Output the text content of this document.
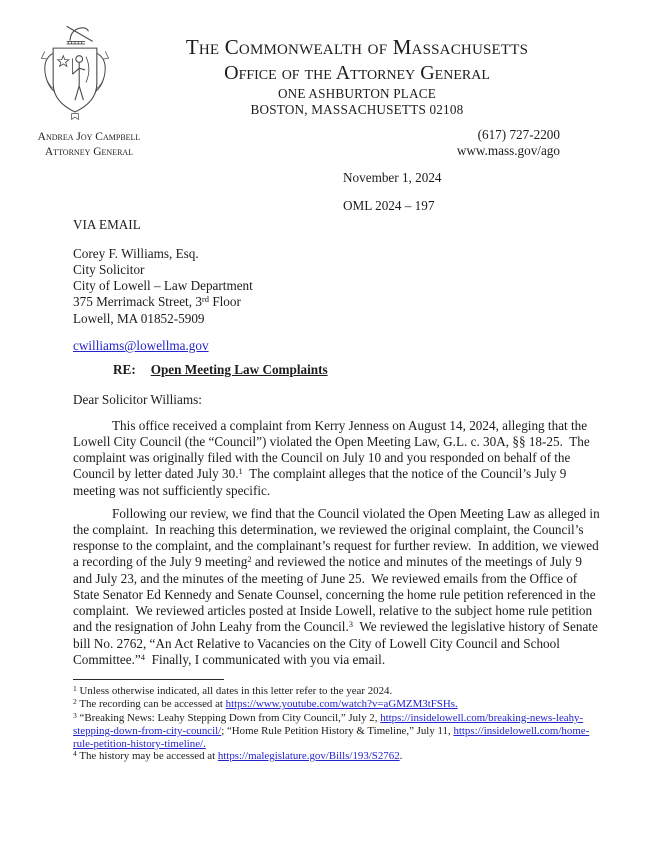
Andrea Joy Campbell
Attorney General
The Commonwealth of Massachusetts
Office of the Attorney General
ONE ASHBURTON PLACE
BOSTON, MASSACHUSETTS 02108
(617) 727-2200
www.mass.gov/ago
November 1, 2024
OML 2024 – 197
VIA EMAIL
Corey F. Williams, Esq.
City Solicitor
City of Lowell – Law Department
375 Merrimack Street, 3rd Floor
Lowell, MA 01852-5909
cwilliams@lowellma.gov
RE: Open Meeting Law Complaints
Dear Solicitor Williams:

This office received a complaint from Kerry Jenness on August 14, 2024, alleging that the Lowell City Council (the “Council”) violated the Open Meeting Law, G.L. c. 30A, §§ 18-25.  The complaint was originally filed with the Council on July 10 and you responded on behalf of the Council by letter dated July 30.$^1$  The complaint alleges that the notice of the Council’s July 9 meeting was not sufficiently specific.

Following our review, we find that the Council violated the Open Meeting Law as alleged in the complaint.  In reaching this determination, we reviewed the original complaint, the Council’s response to the complaint, and the complainant’s request for further review.  In addition, we viewed a recording of the July 9 meeting$^2$ and reviewed the notice and minutes of the meetings of July 9 and July 23, and the minutes of the meeting of June 25.  We reviewed emails from the Office of State Senator Ed Kennedy and Senate Counsel, concerning the home rule petition referenced in the complaint.  We reviewed articles posted at Inside Lowell, relative to the subject home rule petition and the resignation of John Leahy from the Council.$^3$  We reviewed the legislative history of Senate bill No. 2762, “An Act Relative to Vacancies on the City of Lowell City Council and School Committee.”$^4$  Finally, I communicated with you via email.

$^1$ Unless otherwise indicated, all dates in this letter refer to the year 2024.

$^2$ The recording can be accessed at https://www.youtube.com/watch?v=aGMZM3tFSHs.

$^3$ “Breaking News: Leahy Stepping Down from City Council,” July 2, https://insidelowell.com/breaking-news-leahy-stepping-down-from-city-council/; “Home Rule Petition History & Timeline,” July 11, https://insidelowell.com/home-rule-petition-history-timeline/.

$^4$ The history may be accessed at https://malegislature.gov/Bills/193/S2762.
